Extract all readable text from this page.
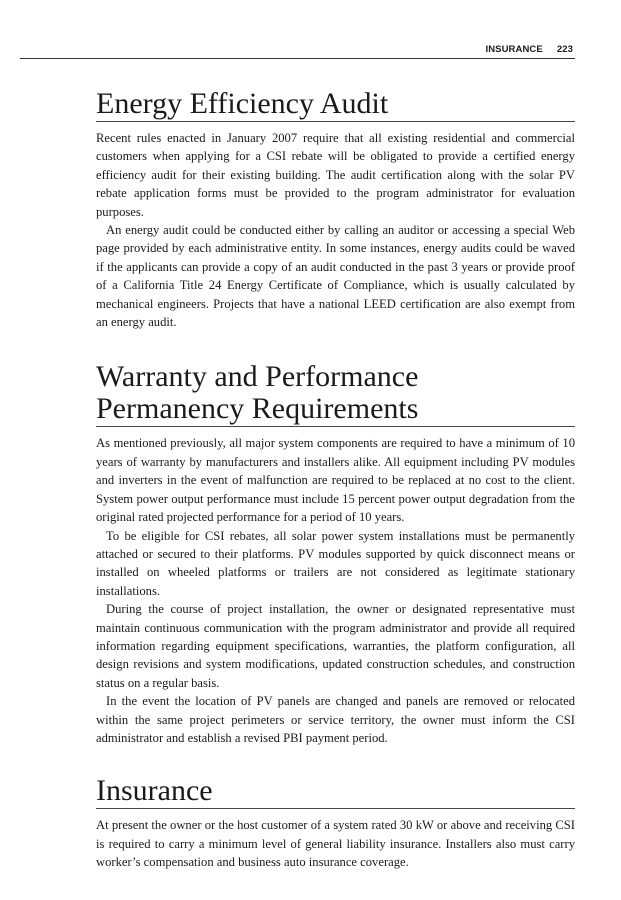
INSURANCE 223
Energy Efficiency Audit

Recent rules enacted in January 2007 require that all existing residential and commercial customers when applying for a CSI rebate will be obligated to provide a certified energy efficiency audit for their existing building. The audit certification along with the solar PV rebate application forms must be provided to the program administrator for evaluation purposes.

An energy audit could be conducted either by calling an auditor or accessing a special Web page provided by each administrative entity. In some instances, energy audits could be waved if the applicants can provide a copy of an audit conducted in the past 3 years or provide proof of a California Title 24 Energy Certificate of Compliance, which is usually calculated by mechanical engineers. Projects that have a national LEED certification are also exempt from an energy audit.

Warranty and Performance
Permanency Requirements

As mentioned previously, all major system components are required to have a minimum of 10 years of warranty by manufacturers and installers alike. All equipment including PV modules and inverters in the event of malfunction are required to be replaced at no cost to the client. System power output performance must include 15 percent power output degradation from the original rated projected performance for a period of 10 years.

To be eligible for CSI rebates, all solar power system installations must be permanently attached or secured to their platforms. PV modules supported by quick disconnect means or installed on wheeled platforms or trailers are not considered as legitimate stationary installations.

During the course of project installation, the owner or designated representative must maintain continuous communication with the program administrator and provide all required information regarding equipment specifications, warranties, the platform configuration, all design revisions and system modifications, updated construction schedules, and construction status on a regular basis.

In the event the location of PV panels are changed and panels are removed or relocated within the same project perimeters or service territory, the owner must inform the CSI administrator and establish a revised PBI payment period.

Insurance

At present the owner or the host customer of a system rated 30 kW or above and receiving CSI is required to carry a minimum level of general liability insurance. Installers also must carry worker’s compensation and business auto insurance coverage.
